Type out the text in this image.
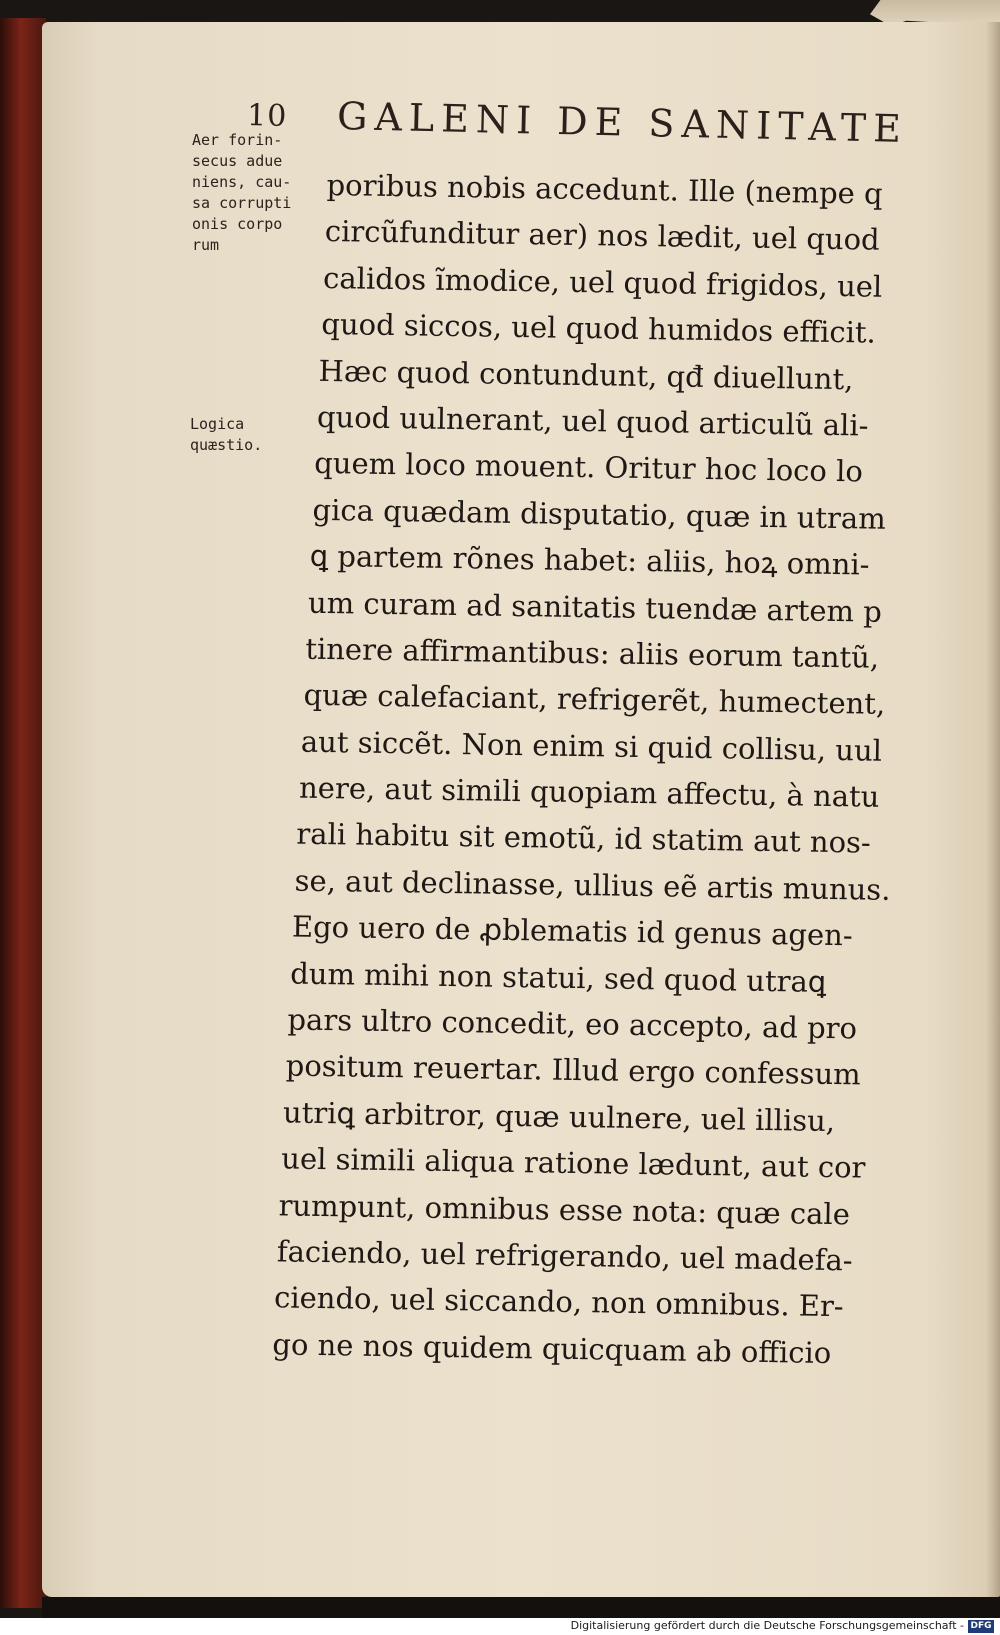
10 GALENI DE SANITATE
Aer forin-
secus adue
niens, cau-
sa corrupti
onis corpo
rum
Logica
quæstio.
poribus nobis accedunt. Ille (nempe q
circũfunditur aer) nos lædit, uel quod
calidos ĩmodice, uel quod frigidos, uel
quod siccos, uel quod humidos efficit.
Hæc quod contundunt, qđ diuellunt,
quod uulnerant, uel quod articulũ ali-
quem loco mouent. Oritur hoc loco lo
gica quædam disputatio, quæ in utram
ꝗ partem rõnes habet: aliis, hoꝝ omni-
um curam ad sanitatis tuendæ artem p
tinere affirmantibus: aliis eorum tantũ,
quæ calefaciant, refrigerẽt, humectent,
aut siccẽt. Non enim si quid collisu, uul
nere, aut simili quopiam affectu, à natu
rali habitu sit emotũ, id statim aut nos-
se, aut declinasse, ullius eẽ artis munus.
Ego uero de ꝓblematis id genus agen-
dum mihi non statui, sed quod utraꝗ
pars ultro concedit, eo accepto, ad pro
positum reuertar. Illud ergo confessum
utriꝗ arbitror, quæ uulnere, uel illisu,
uel simili aliqua ratione lædunt, aut cor
rumpunt, omnibus esse nota: quæ cale
faciendo, uel refrigerando, uel madefa-
ciendo, uel siccando, non omnibus. Er-
go ne nos quidem quicquam ab officio
Digitalisierung gefördert durch die Deutsche Forschungsgemeinschaft - DFG
